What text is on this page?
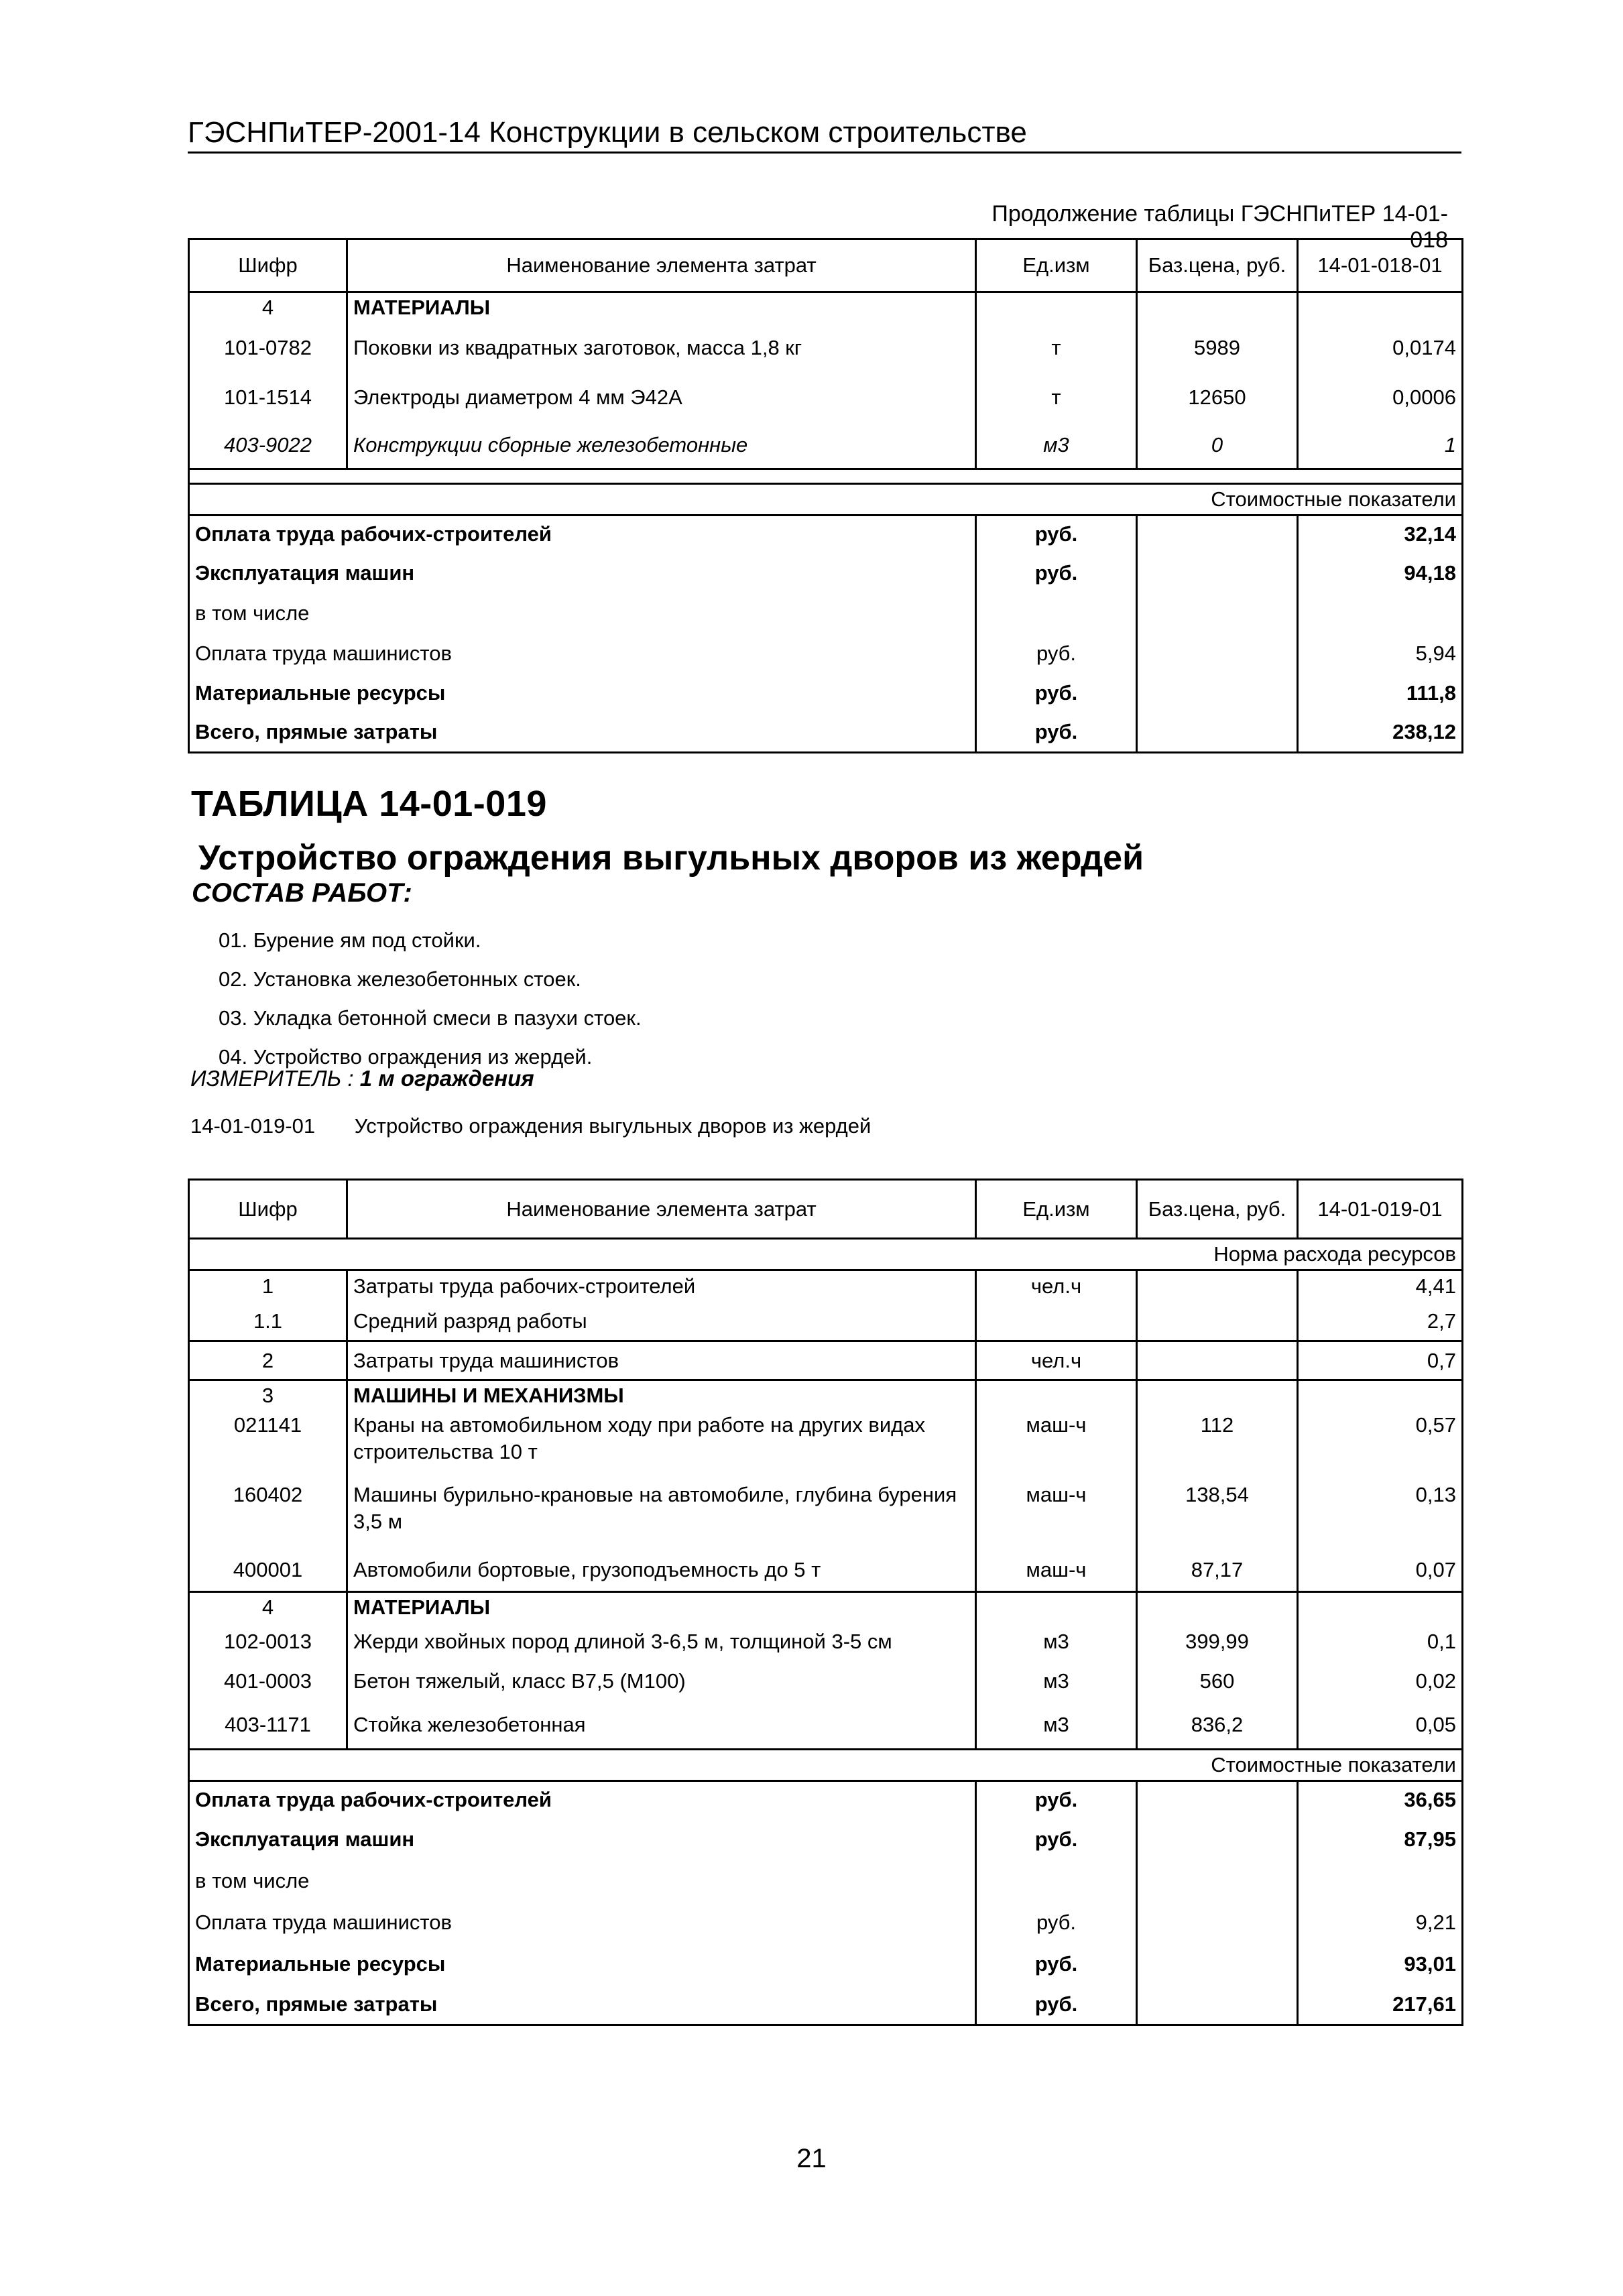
ГЭСНПиТЕР-2001-14 Конструкции в сельском строительстве
Продолжение таблицы ГЭСНПиТЕР 14-01-018
Шифр	Наименование элемента затрат	Ед.изм	Баз.цена, руб.	14-01-018-01
4	МАТЕРИАЛЫ			
101-0782	Поковки из квадратных заготовок, масса 1,8 кг	т	5989	0,0174
101-1514	Электроды диаметром 4 мм Э42А	т	12650	0,0006
403-9022	Конструкции сборные железобетонные	м3	0	1

Стоимостные показатели				
Оплата труда рабочих-строителей		руб.		32,14
Эксплуатация машин		руб.		94,18
в том числе				
Оплата труда машинистов		руб.		5,94
Материальные ресурсы		руб.		111,8
Всего, прямые затраты		руб.		238,12
ТАБЛИЦА 14-01-019
Устройство ограждения выгульных дворов из жердей
СОСТАВ РАБОТ:
01. Бурение ям под стойки.
02. Установка железобетонных стоек.
03. Укладка бетонной смеси в пазухи стоек.
04. Устройство ограждения из жердей.
ИЗМЕРИТЕЛЬ : 1 м ограждения
14-01-019-01 Устройство ограждения выгульных дворов из жердей
Шифр	Наименование элемента затрат	Ед.изм	Баз.цена, руб.	14-01-019-01
Норма расхода ресурсов				
1	Затраты труда рабочих-строителей	чел.ч		4,41
1.1	Средний разряд работы			2,7
2	Затраты труда машинистов	чел.ч		0,7
3	МАШИНЫ И МЕХАНИЗМЫ			
021141	Краны на автомобильном ходу при работе на других видах строительства 10 т	маш-ч	112	0,57
160402	Машины бурильно-крановые на автомобиле, глубина бурения 3,5 м	маш-ч	138,54	0,13
400001	Автомобили бортовые, грузоподъемность до 5 т	маш-ч	87,17	0,07
4	МАТЕРИАЛЫ			
102-0013	Жерди хвойных пород длиной 3-6,5 м, толщиной 3-5 см	м3	399,99	0,1
401-0003	Бетон тяжелый, класс В7,5 (М100)	м3	560	0,02
403-1171	Стойка железобетонная	м3	836,2	0,05
Стоимостные показатели				
Оплата труда рабочих-строителей		руб.		36,65
Эксплуатация машин		руб.		87,95
в том числе				
Оплата труда машинистов		руб.		9,21
Материальные ресурсы		руб.		93,01
Всего, прямые затраты		руб.		217,61
21
